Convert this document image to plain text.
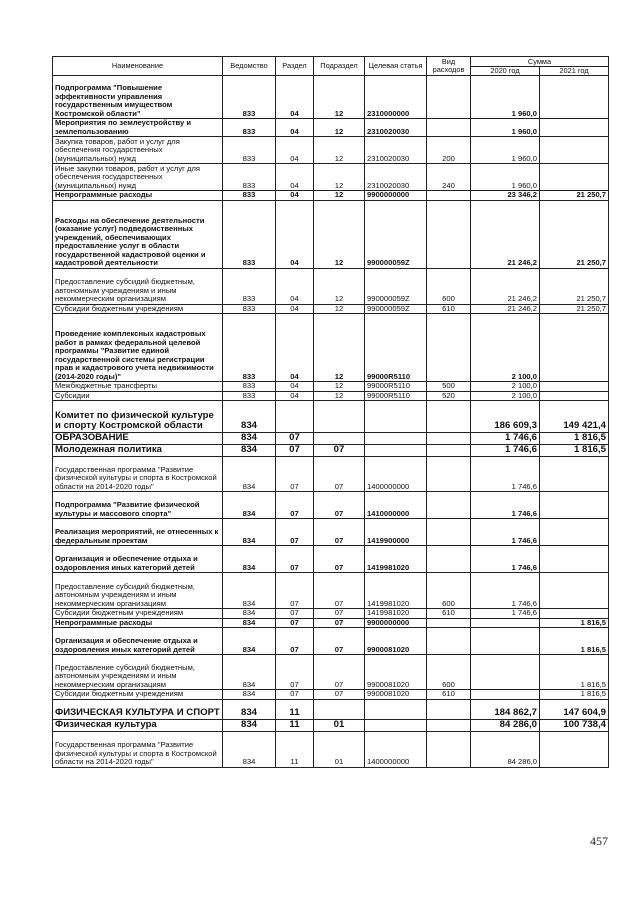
Наименование	Ведомство	Раздел	Подраздел	Целевая статья	Вид расходов	Сумма	
						2020 год	2021 год
Подпрограмма "Повышение эффективности управления государственным имуществом Костромской области"	833	04	12	2310000000		1 960,0	
Мероприятия по землеустройству и землепользованию	833	04	12	2310020030		1 960,0	
Закупка товаров, работ и услуг для обеспечения государственных (муниципальных) нужд	833	04	12	2310020030	200	1 960,0	
Иные закупки товаров, работ и услуг для обеспечения государственных (муниципальных) нужд	833	04	12	2310020030	240	1 960,0	
Непрограммные расходы	833	04	12	9900000000		23 346,2	21 250,7
Расходы на обеспечение деятельности (оказание услуг) подведомственных учреждений, обеспечивающих предоставление услуг в области государственной кадастровой оценки и кадастровой деятельности	833	04	12	990000059Z		21 246,2	21 250,7
Предоставление субсидий бюджетным, автономным учреждениям и иным некоммерческим организациям	833	04	12	990000059Z	600	21 246,2	21 250,7
Субсидии бюджетным учреждениям	833	04	12	990000059Z	610	21 246,2	21 250,7
Проведение комплексных кадастровых работ в рамках федеральной целевой программы "Развитие единой государственной системы регистрации прав и кадастрового учета недвижимости (2014-2020 годы)"	833	04	12	99000R5110		2 100,0	
Межбюджетные трансферты	833	04	12	99000R5110	500	2 100,0	
Субсидии	833	04	12	99000R5110	520	2 100,0	
Комитет по физической культуре и спорту Костромской области	834					186 609,3	149 421,4
ОБРАЗОВАНИЕ	834	07				1 746,6	1 816,5
Молодежная политика	834	07	07			1 746,6	1 816,5
Государственная программа "Развитие физической культуры и спорта в Костромской области на 2014-2020 годы"	834	07	07	1400000000		1 746,6	
Подпрограмма "Развитие физической культуры и массового спорта"	834	07	07	1410000000		1 746,6	
Реализация мероприятий, не отнесенных к федеральным проектам	834	07	07	1419900000		1 746,6	
Организация и обеспечение отдыха и оздоровления иных категорий детей	834	07	07	1419981020		1 746,6	
Предоставление субсидий бюджетным, автономным учреждениям и иным некоммерческим организациям	834	07	07	1419981020	600	1 746,6	
Субсидии бюджетным учреждениям	834	07	07	1419981020	610	1 746,6	
Непрограммные расходы	834	07	07	9900000000			1 816,5
Организация и обеспечение отдыха и оздоровления иных категорий детей	834	07	07	9900081020			1 816,5
Предоставление субсидий бюджетным, автономным учреждениям и иным некоммерческим организациям	834	07	07	9900081020	600		1 816,5
Субсидии бюджетным учреждениям	834	07	07	9900081020	610		1 816,5
ФИЗИЧЕСКАЯ КУЛЬТУРА И СПОРТ	834	11				184 862,7	147 604,9
Физическая культура	834	11	01			84 286,0	100 738,4
Государственная программа "Развитие физической культуры и спорта в Костромской области на 2014-2020 годы"	834	11	01	1400000000		84 286,0	
457
